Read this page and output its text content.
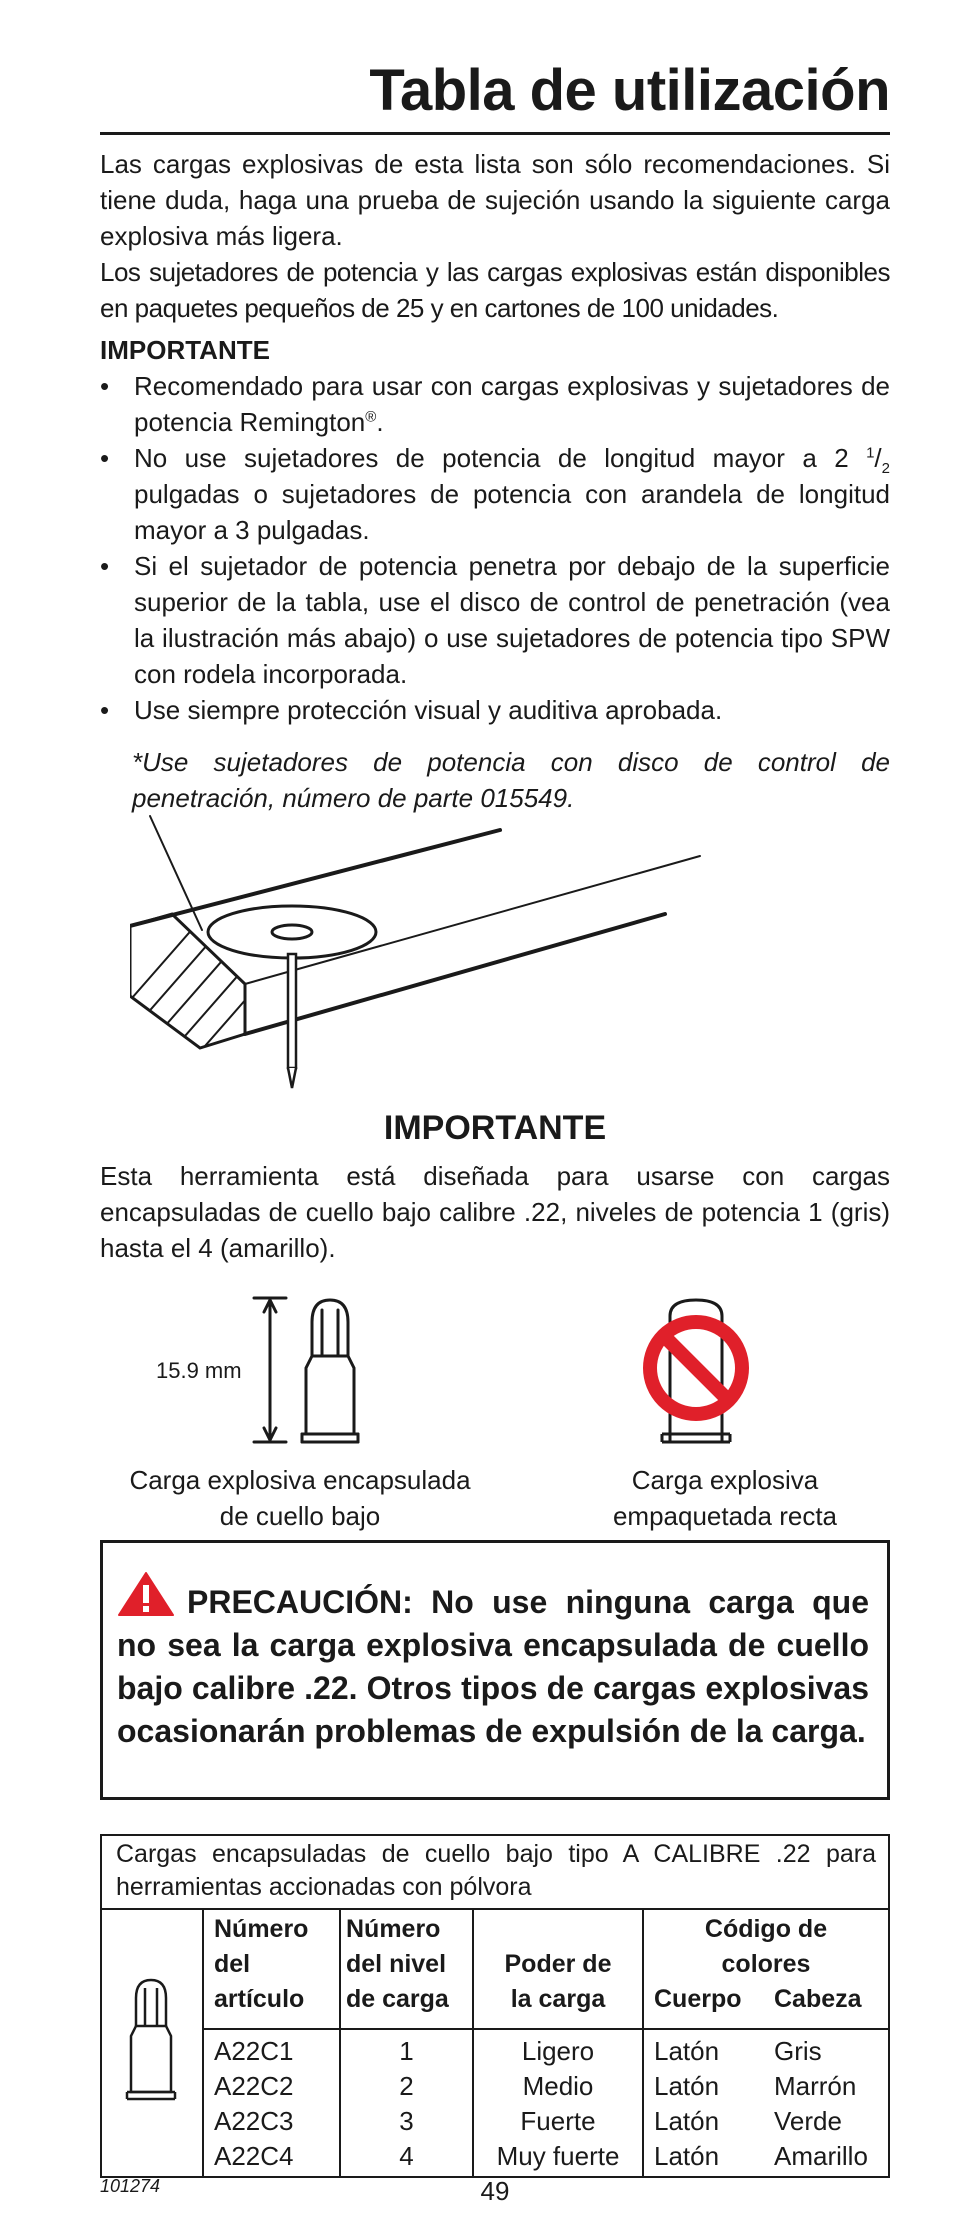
Tabla de utilización
Las cargas explosivas de esta lista son sólo recomendaciones. Si tiene duda, haga una prueba de sujeción usando la siguiente carga explosiva más ligera.
Los sujetadores de potencia y las cargas explosivas están disponibles en paquetes pequeños de 25 y en cartones de 100 unidades.
IMPORTANTE
• Recomendado para usar con cargas explosivas y sujetadores de potencia Remington®.
• No use sujetadores de potencia de longitud mayor a 2 $^1/_2$ pulgadas o sujetadores de potencia con arandela de longitud mayor a 3 pulgadas.
• Si el sujetador de potencia penetra por debajo de la superficie superior de la tabla, use el disco de control de penetración (vea la ilustración más abajo) o use sujetadores de potencia tipo SPW con rodela incorporada.
• Use siempre protección visual y auditiva aprobada.
*Use sujetadores de potencia con disco de control de penetración, número de parte 015549.
IMPORTANTE
Esta herramienta está diseñada para usarse con cargas encapsuladas de cuello bajo calibre .22, niveles de potencia 1 (gris) hasta el 4 (amarillo).
15.9 mm
Carga explosiva encapsulada
de cuello bajo
Carga explosiva
empaquetada recta
PRECAUCIÓN: No use ninguna carga que no sea la carga explosiva encapsulada de cuello bajo calibre .22. Otros tipos de cargas explosivas ocasionarán problemas de expulsión de la carga.
Cargas encapsuladas de cuello bajo tipo A CALIBRE .22 para herramientas accionadas con pólvora
Número
del
artículo
Número
del nivel
de carga
Poder de
la carga
Código de
colores
Cuerpo Cabeza
A22C1	1	Ligero	Latón Gris
A22C2	2	Medio	Latón Marrón
A22C3	3	Fuerte	Latón Verde
A22C4	4	Muy fuerte	Latón Amarillo
101274	49
